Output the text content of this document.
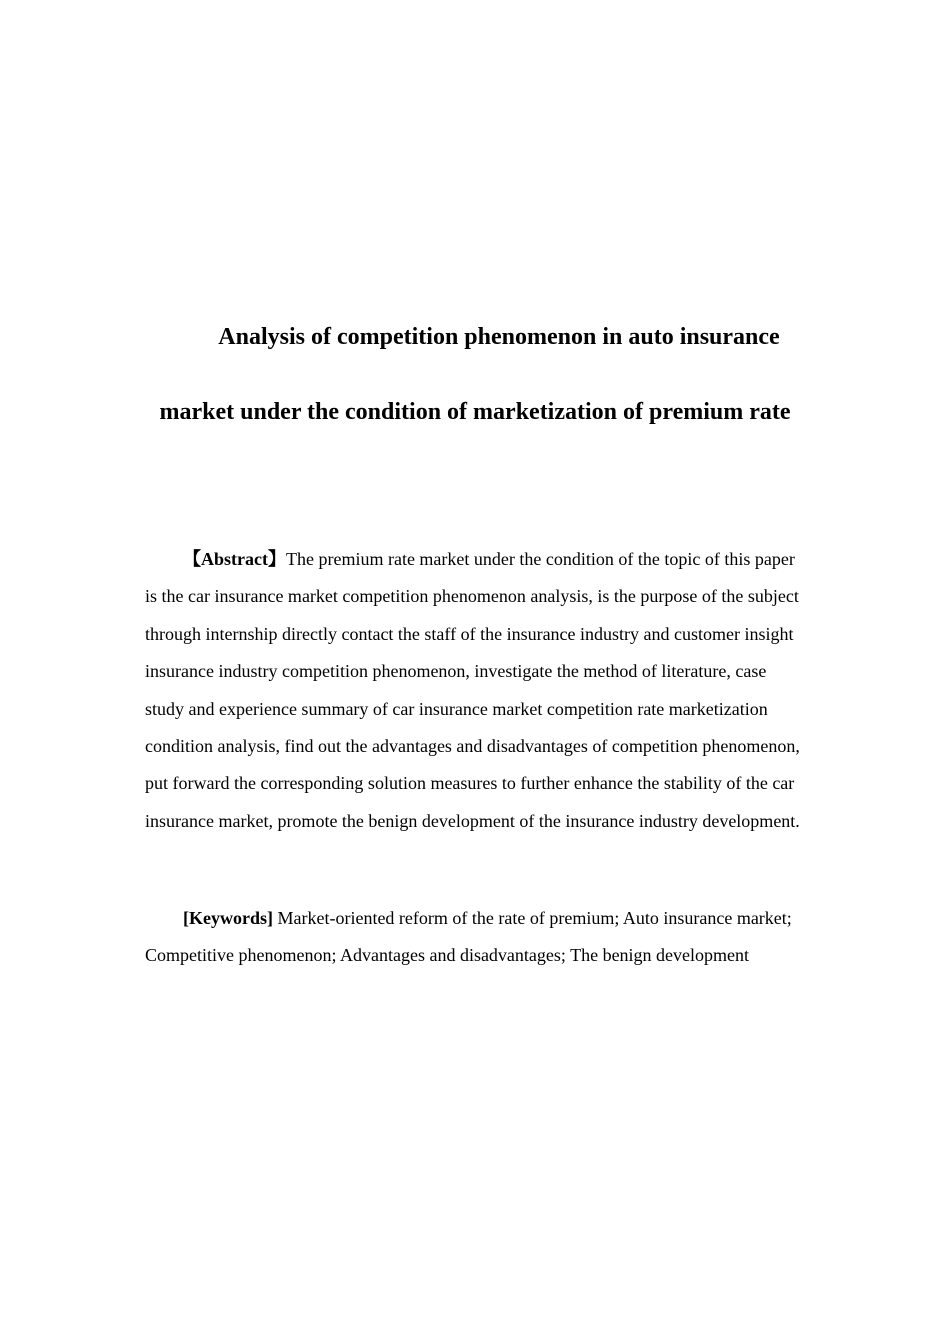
Analysis of competition phenomenon in auto insurance market under the condition of marketization of premium rate

【Abstract】The premium rate market under the condition of the topic of this paper is the car insurance market competition phenomenon analysis, is the purpose of the subject through internship directly contact the staff of the insurance industry and customer insight insurance industry competition phenomenon, investigate the method of literature, case study and experience summary of car insurance market competition rate marketization condition analysis, find out the advantages and disadvantages of competition phenomenon, put forward the corresponding solution measures to further enhance the stability of the car insurance market, promote the benign development of the insurance industry development.

[Keywords] Market-oriented reform of the rate of premium; Auto insurance market; Competitive phenomenon; Advantages and disadvantages; The benign development
